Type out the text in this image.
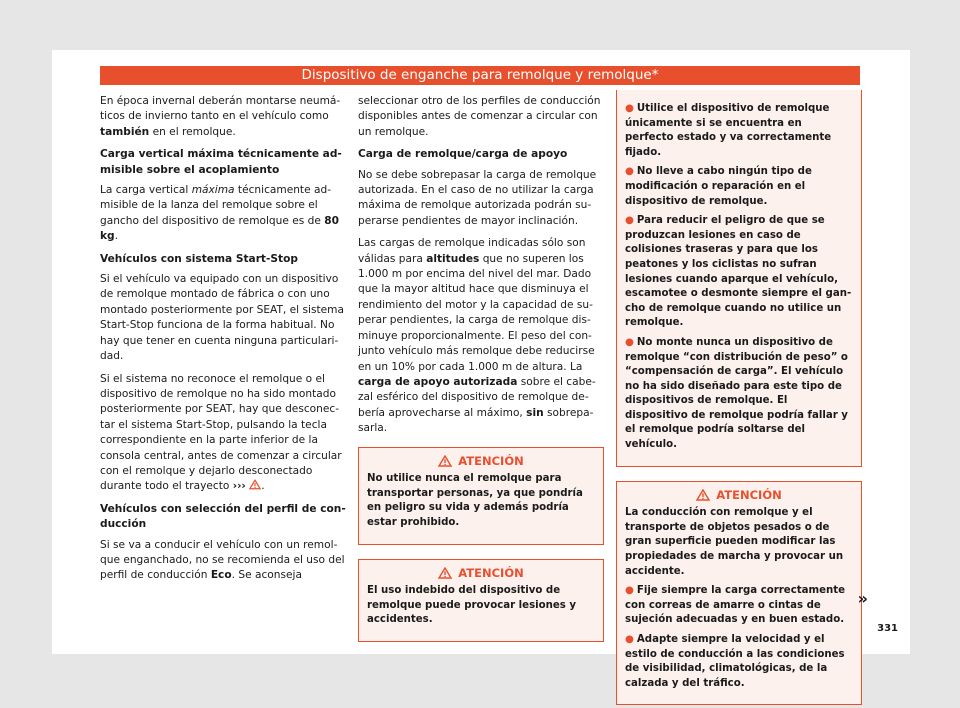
Dispositivo de enganche para remolque y remolque*

En época invernal deberán montarse neumáticos de invierno tanto en el vehículo como también en el remolque.

Carga vertical máxima técnicamente admisible sobre el acoplamiento

La carga vertical máxima técnicamente admisible de la lanza del remolque sobre el gancho del dispositivo de remolque es de 80 kg.

Vehículos con sistema Start-Stop

Si el vehículo va equipado con un dispositivo de remolque montado de fábrica o con uno montado posteriormente por SEAT, el sistema Start-Stop funciona de la forma habitual. No hay que tener en cuenta ninguna particularidad.

Si el sistema no reconoce el remolque o el dispositivo de remolque no ha sido montado posteriormente por SEAT, hay que desconectar el sistema Start-Stop, pulsando la tecla correspondiente en la parte inferior de la consola central, antes de comenzar a circular con el remolque y dejarlo desconectado durante todo el trayecto ››› .

Vehículos con selección del perfil de conducción

Si se va a conducir el vehículo con un remolque enganchado, no se recomienda el uso del perfil de conducción Eco. Se aconseja

seleccionar otro de los perfiles de conducción disponibles antes de comenzar a circular con un remolque.

Carga de remolque/carga de apoyo

No se debe sobrepasar la carga de remolque autorizada. En el caso de no utilizar la carga máxima de remolque autorizada podrán superarse pendientes de mayor inclinación.

Las cargas de remolque indicadas sólo son válidas para altitudes que no superen los 1.000 m por encima del nivel del mar. Dado que la mayor altitud hace que disminuya el rendimiento del motor y la capacidad de superar pendientes, la carga de remolque disminuye proporcionalmente. El peso del conjunto vehículo más remolque debe reducirse en un 10% por cada 1.000 m de altura. La carga de apoyo autorizada sobre el cabezal esférico del dispositivo de remolque debería aprovecharse al máximo, sin sobrepasarla.

ATENCIÓN

No utilice nunca el remolque para transportar personas, ya que pondría en peligro su vida y además podría estar prohibido.

ATENCIÓN

El uso indebido del dispositivo de remolque puede provocar lesiones y accidentes.

● Utilice el dispositivo de remolque únicamente si se encuentra en perfecto estado y va correctamente fijado.

● No lleve a cabo ningún tipo de modificación o reparación en el dispositivo de remolque.

● Para reducir el peligro de que se produzcan lesiones en caso de colisiones traseras y para que los peatones y los ciclistas no sufran lesiones cuando aparque el vehículo, escamotee o desmonte siempre el gancho de remolque cuando no utilice un remolque.

● No monte nunca un dispositivo de remolque “con distribución de peso” o “compensación de carga”. El vehículo no ha sido diseñado para este tipo de dispositivos de remolque. El dispositivo de remolque podría fallar y el remolque podría soltarse del vehículo.

ATENCIÓN

La conducción con remolque y el transporte de objetos pesados o de gran superficie pueden modificar las propiedades de marcha y provocar un accidente.

● Fije siempre la carga correctamente con correas de amarre o cintas de sujeción adecuadas y en buen estado.

● Adapte siempre la velocidad y el estilo de conducción a las condiciones de visibilidad, climatológicas, de la calzada y del tráfico.

»
331
